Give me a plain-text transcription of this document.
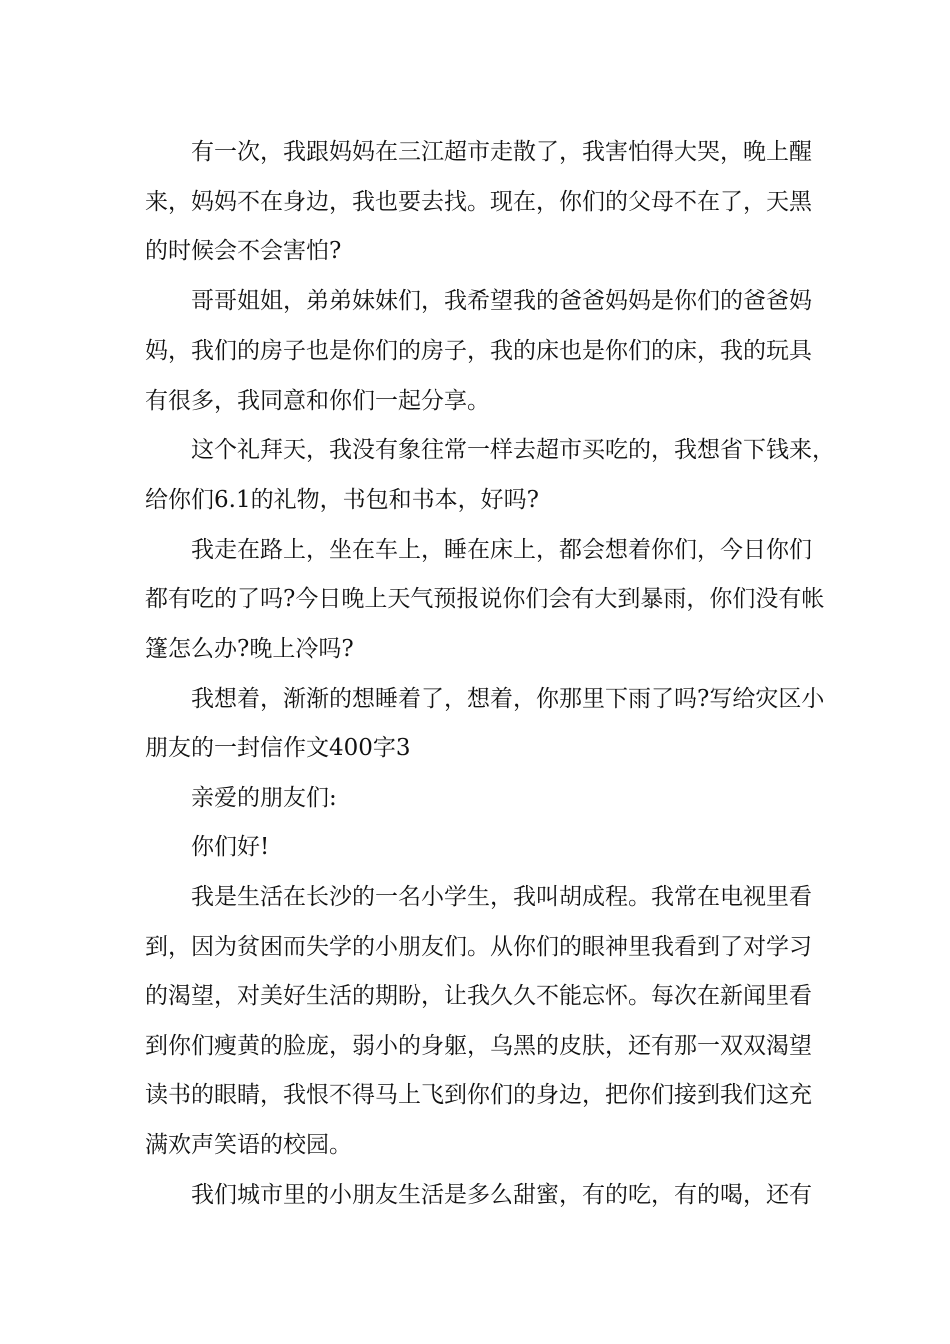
有一次，我跟妈妈在三江超市走散了，我害怕得大哭，晚上醒

来，妈妈不在身边，我也要去找。现在，你们的父母不在了，天黑

的时候会不会害怕?

哥哥姐姐，弟弟妹妹们，我希望我的爸爸妈妈是你们的爸爸妈

妈，我们的房子也是你们的房子，我的床也是你们的床，我的玩具

有很多，我同意和你们一起分享。

这个礼拜天，我没有象往常一样去超市买吃的，我想省下钱来，

给你们6.1的礼物，书包和书本，好吗?

我走在路上，坐在车上，睡在床上，都会想着你们，今日你们

都有吃的了吗?今日晚上天气预报说你们会有大到暴雨，你们没有帐

篷怎么办?晚上冷吗?

我想着，渐渐的想睡着了，想着，你那里下雨了吗?写给灾区小

朋友的一封信作文400字3

亲爱的朋友们:

你们好!

我是生活在长沙的一名小学生，我叫胡成程。我常在电视里看

到，因为贫困而失学的小朋友们。从你们的眼神里我看到了对学习

的渴望，对美好生活的期盼，让我久久不能忘怀。每次在新闻里看

到你们瘦黄的脸庞，弱小的身躯，乌黑的皮肤，还有那一双双渴望

读书的眼睛，我恨不得马上飞到你们的身边，把你们接到我们这充

满欢声笑语的校园。

我们城市里的小朋友生活是多么甜蜜，有的吃，有的喝，还有
